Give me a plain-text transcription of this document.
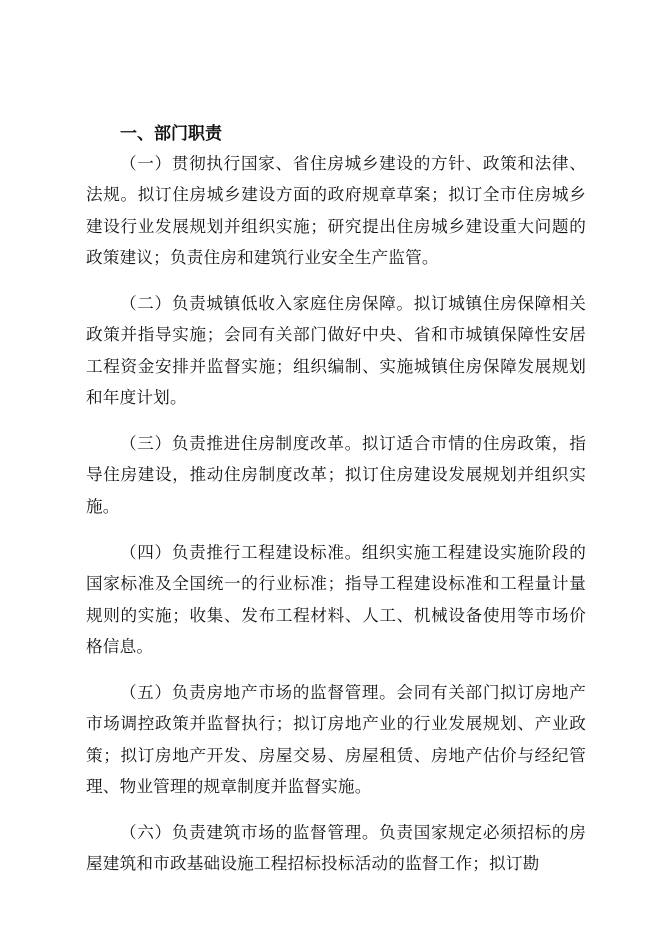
一、部门职责
（一）贯彻执行国家、省住房城乡建设的方针、政策和法律、法规。拟订住房城乡建设方面的政府规章草案；拟订全市住房城乡建设行业发展规划并组织实施；研究提出住房城乡建设重大问题的政策建议；负责住房和建筑行业安全生产监管。
（二）负责城镇低收入家庭住房保障。拟订城镇住房保障相关政策并指导实施；会同有关部门做好中央、省和市城镇保障性安居工程资金安排并监督实施；组织编制、实施城镇住房保障发展规划和年度计划。
（三）负责推进住房制度改革。拟订适合市情的住房政策，指导住房建设，推动住房制度改革；拟订住房建设发展规划并组织实施。
（四）负责推行工程建设标准。组织实施工程建设实施阶段的国家标准及全国统一的行业标准；指导工程建设标准和工程量计量规则的实施；收集、发布工程材料、人工、机械设备使用等市场价格信息。
（五）负责房地产市场的监督管理。会同有关部门拟订房地产市场调控政策并监督执行；拟订房地产业的行业发展规划、产业政策；拟订房地产开发、房屋交易、房屋租赁、房地产估价与经纪管理、物业管理的规章制度并监督实施。
（六）负责建筑市场的监督管理。负责国家规定必须招标的房屋建筑和市政基础设施工程招标投标活动的监督工作；拟订勘
